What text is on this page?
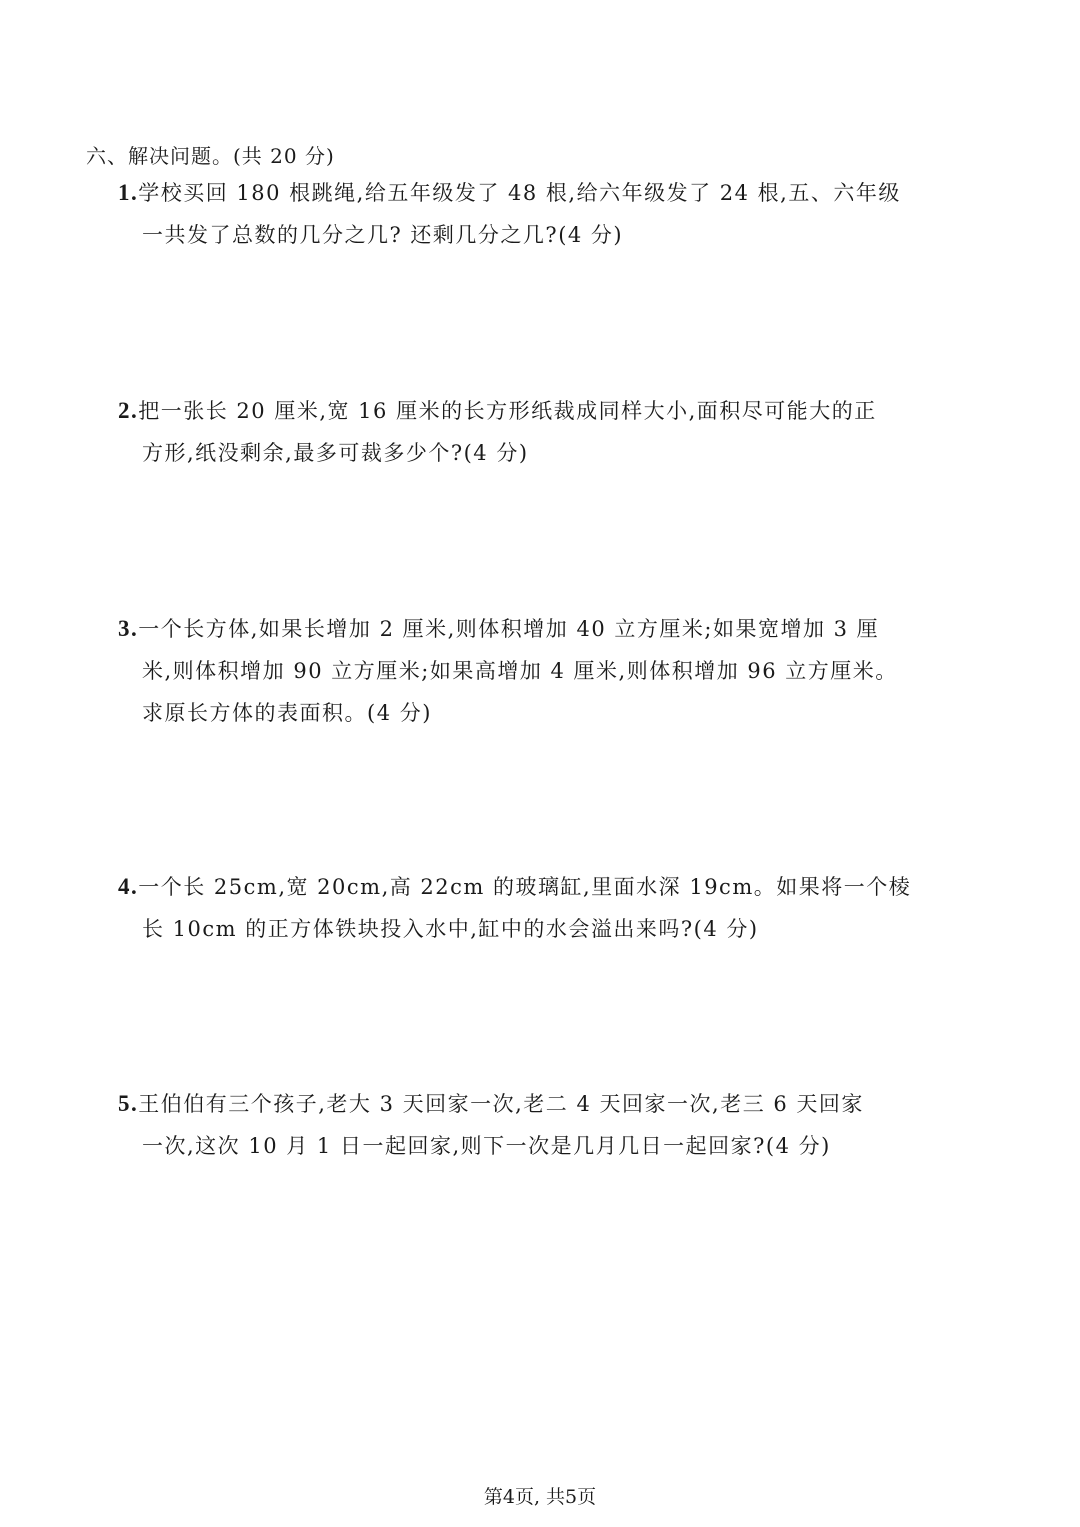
六、解决问题。(共 20 分)
1.学校买回 180 根跳绳,给五年级发了 48 根,给六年级发了 24 根,五、六年级
一共发了总数的几分之几? 还剩几分之几?(4 分)
2.把一张长 20 厘米,宽 16 厘米的长方形纸裁成同样大小,面积尽可能大的正
方形,纸没剩余,最多可裁多少个?(4 分)
3.一个长方体,如果长增加 2 厘米,则体积增加 40 立方厘米;如果宽增加 3 厘
米,则体积增加 90 立方厘米;如果高增加 4 厘米,则体积增加 96 立方厘米。
求原长方体的表面积。(4 分)
4.一个长 25cm,宽 20cm,高 22cm 的玻璃缸,里面水深 19cm。如果将一个棱
长 10cm 的正方体铁块投入水中,缸中的水会溢出来吗?(4 分)
5.王伯伯有三个孩子,老大 3 天回家一次,老二 4 天回家一次,老三 6 天回家
一次,这次 10 月 1 日一起回家,则下一次是几月几日一起回家?(4 分)
第4页, 共5页
